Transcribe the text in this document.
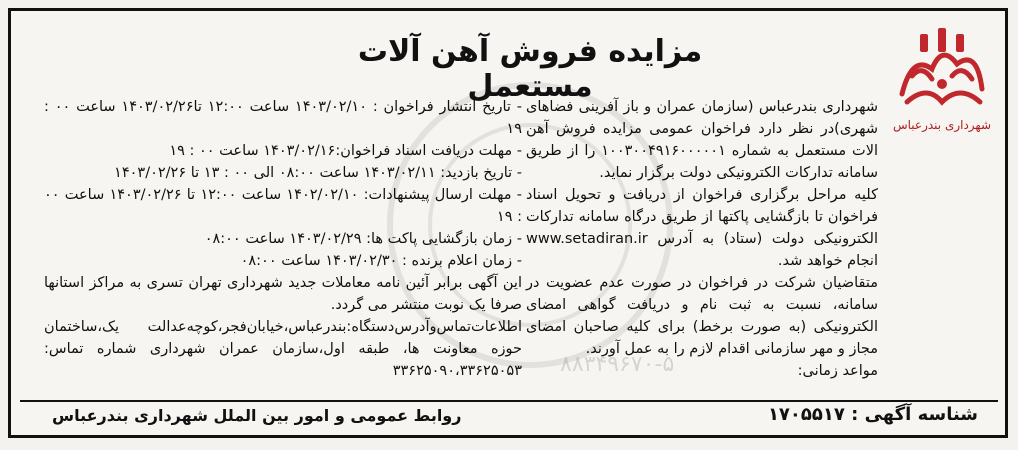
شهرداری بندرعباس
مزایده فروش آهن آلات مستعمل

شهرداری بندرعباس (سازمان عمران و باز آفرینی فضاهای شهری)در نظر دارد فراخوان عمومی مزایده فروش آهن الات مستعمل به شماره ۱۰۰۳۰۰۴۹۱۶۰۰۰۰۰۱ را از طریق سامانه تدارکات الکترونیکی دولت برگزار نماید.

کلیه مراحل برگزاری فراخوان از دریافت و تحویل اسناد فراخوان تا بازگشایی پاکتها از طریق درگاه سامانه تدارکات الکترونیکی دولت (ستاد) به آدرس www.setadiran.ir انجام خواهد شد.

متقاضیان شرکت در فراخوان در صورت عدم عضویت در سامانه، نسبت به ثبت نام و دریافت گواهی امضای الکترونیکی (به صورت برخط) برای کلیه صاحبان امضای مجاز و مهر سازمانی اقدام لازم را به عمل آورند.

مواعد زمانی:

- تاریخ انتشار فراخوان : ۱۴۰۳/۰۲/۱۰ ساعت ۱۲:۰۰ تا۱۴۰۳/۰۲/۲۶ ساعت ۰۰ : ۱۹

- مهلت دریافت اسناد فراخوان:۱۴۰۳/۰۲/۱۶ ساعت ۰۰ : ۱۹

- تاریخ بازدید: ۱۴۰۳/۰۲/۱۱ ساعت ۰۸:۰۰ الی ۰۰ : ۱۳ تا ۱۴۰۳/۰۲/۲۶

- مهلت ارسال پیشنهادات: ۱۴۰۲/۰۲/۱۰ ساعت ۱۲:۰۰ تا ۱۴۰۳/۰۲/۲۶ ساعت ۰۰ : ۱۹

- زمان بازگشایی پاکت ها: ۱۴۰۳/۰۲/۲۹ ساعت ۰۸:۰۰

- زمان اعلام برنده : ۱۴۰۳/۰۲/۳۰ ساعت ۰۸:۰۰

این آگهی برابر آئین نامه معاملات جدید شهرداری تهران تسری به مراکز استانها صرفا یک نوبت منتشر می گردد.

اطلاعات‌تماس‌وآدرس‌دستگاه:بندرعباس،خیابان‌فجر،کوچه‌عدالت یک،ساختمان حوزه معاونت ها، طبقه اول،سازمان عمران شهرداری شماره تماس: ۳۳۶۲۵۰۹۰،۳۳۶۲۵۰۵۳ ۸۸۳۴۹۶۷۰-۵
شناسه آگهی : ۱۷۰۵۵۱۷
روابط عمومی و امور بین الملل شهرداری بندرعباس
